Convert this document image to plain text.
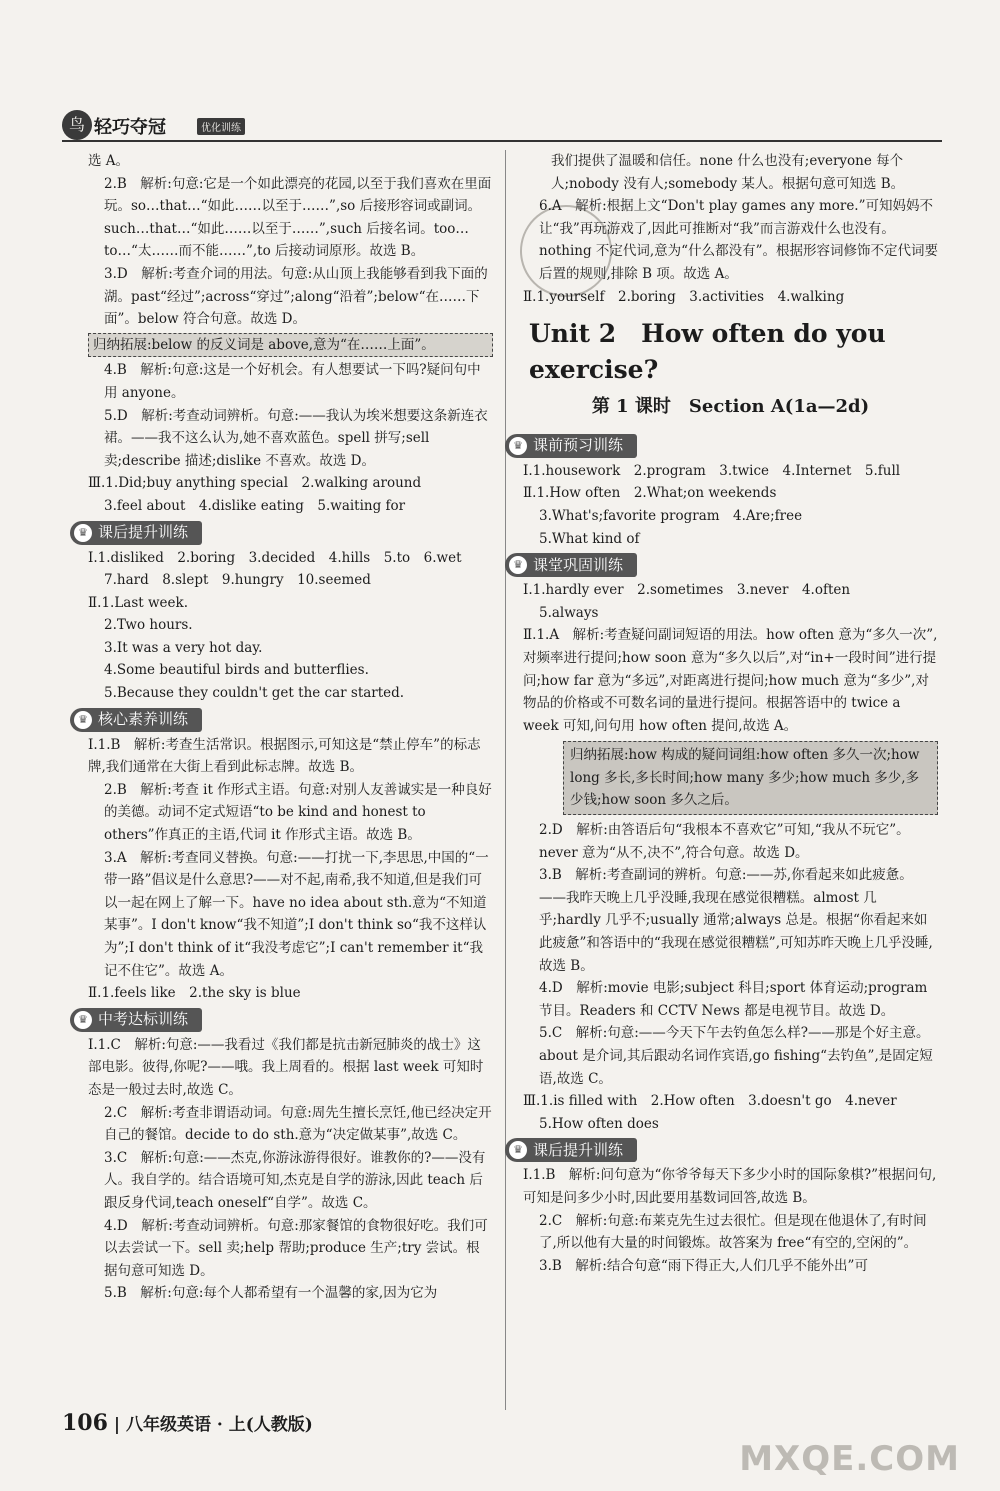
鸟 轻巧夺冠	优化训练

选 A。

2.B　解析:句意:它是一个如此漂亮的花园,以至于我们喜欢在里面玩。so…that…“如此……以至于……”,so 后接形容词或副词。such…that…“如此……以至于……”,such 后接名词。too…to…“太……而不能……”,to 后接动词原形。故选 B。

3.D　解析:考查介词的用法。句意:从山顶上我能够看到我下面的湖。past“经过”;across“穿过”;along“沿着”;below“在……下面”。below 符合句意。故选 D。

归纳拓展:below 的反义词是 above,意为“在……上面”。

4.B　解析:句意:这是一个好机会。有人想要试一下吗?疑问句中用 anyone。

5.D　解析:考查动词辨析。句意:——我认为埃米想要这条新连衣裙。——我不这么认为,她不喜欢蓝色。spell 拼写;sell 卖;describe 描述;dislike 不喜欢。故选 D。

Ⅲ.1.Did;buy anything special　2.walking around

3.feel about　4.dislike eating　5.waiting for

♛ 课后提升训练

Ⅰ.1.disliked　2.boring　3.decided　4.hills　5.to　6.wet

7.hard　8.slept　9.hungry　10.seemed

Ⅱ.1.Last week.

2.Two hours.

3.It was a very hot day.

4.Some beautiful birds and butterflies.

5.Because they couldn't get the car started.

♛ 核心素养训练

Ⅰ.1.B　解析:考查生活常识。根据图示,可知这是“禁止停车”的标志牌,我们通常在大街上看到此标志牌。故选 B。

2.B　解析:考查 it 作形式主语。句意:对别人友善诚实是一种良好的美德。动词不定式短语“to be kind and honest to others”作真正的主语,代词 it 作形式主语。故选 B。

3.A　解析:考查同义替换。句意:——打扰一下,李思思,中国的“一带一路”倡议是什么意思?——对不起,南希,我不知道,但是我们可以一起在网上了解一下。have no idea about sth.意为“不知道某事”。I don't know“我不知道”;I don't think so“我不这样认为”;I don't think of it“我没考虑它”;I can't remember it“我记不住它”。故选 A。

Ⅱ.1.feels like　2.the sky is blue

♛ 中考达标训练

Ⅰ.1.C　解析:句意:——我看过《我们都是抗击新冠肺炎的战士》这部电影。彼得,你呢?——哦。我上周看的。根据 last week 可知时态是一般过去时,故选 C。

2.C　解析:考查非谓语动词。句意:周先生擅长烹饪,他已经决定开自己的餐馆。decide to do sth.意为“决定做某事”,故选 C。

3.C　解析:句意:——杰克,你游泳游得很好。谁教你的?——没有人。我自学的。结合语境可知,杰克是自学的游泳,因此 teach 后跟反身代词,teach oneself“自学”。故选 C。

4.D　解析:考查动词辨析。句意:那家餐馆的食物很好吃。我们可以去尝试一下。sell 卖;help 帮助;produce 生产;try 尝试。根据句意可知选 D。

5.B　解析:句意:每个人都希望有一个温馨的家,因为它为

我们提供了温暖和信任。none 什么也没有;everyone 每个人;nobody 没有人;somebody 某人。根据句意可知选 B。

6.A　解析:根据上文“Don't play games any more.”可知妈妈不让“我”再玩游戏了,因此可推断对“我”而言游戏什么也没有。nothing 不定代词,意为“什么都没有”。根据形容词修饰不定代词要后置的规则,排除 B 项。故选 A。

Ⅱ.1.yourself　2.boring　3.activities　4.walking

Unit 2　How often do you exercise?
第 1 课时　Section A(1a—2d)
♛ 课前预习训练

Ⅰ.1.housework　2.program　3.twice　4.Internet　5.full

Ⅱ.1.How often　2.What;on weekends

3.What's;favorite program　4.Are;free

5.What kind of

♛ 课堂巩固训练

Ⅰ.1.hardly ever　2.sometimes　3.never　4.often

5.always

Ⅱ.1.A　解析:考查疑问副词短语的用法。how often 意为“多久一次”,对频率进行提问;how soon 意为“多久以后”,对“in+一段时间”进行提问;how far 意为“多远”,对距离进行提问;how much 意为“多少”,对物品的价格或不可数名词的量进行提问。根据答语中的 twice a week 可知,问句用 how often 提问,故选 A。

归纳拓展:how 构成的疑问词组:how often 多久一次;how long 多长,多长时间;how many 多少;how much 多少,多少钱;how soon 多久之后。

2.D　解析:由答语后句“我根本不喜欢它”可知,“我从不玩它”。never 意为“从不,决不”,符合句意。故选 D。

3.B　解析:考查副词的辨析。句意:——苏,你看起来如此疲惫。——我昨天晚上几乎没睡,我现在感觉很糟糕。almost 几乎;hardly 几乎不;usually 通常;always 总是。根据“你看起来如此疲惫”和答语中的“我现在感觉很糟糕”,可知苏昨天晚上几乎没睡,故选 B。

4.D　解析:movie 电影;subject 科目;sport 体育运动;program 节目。Readers 和 CCTV News 都是电视节目。故选 D。

5.C　解析:句意:——今天下午去钓鱼怎么样?——那是个好主意。about 是介词,其后跟动名词作宾语,go fishing“去钓鱼”,是固定短语,故选 C。

Ⅲ.1.is filled with　2.How often　3.doesn't go　4.never

5.How often does

♛ 课后提升训练

Ⅰ.1.B　解析:问句意为“你爷爷每天下多少小时的国际象棋?”根据问句,可知是问多少小时,因此要用基数词回答,故选 B。

2.C　解析:句意:布莱克先生过去很忙。但是现在他退休了,有时间了,所以他有大量的时间锻炼。故答案为 free“有空的,空闲的”。

3.B　解析:结合句意“雨下得正大,人们几乎不能外出”可

106 | 八年级英语 · 上(人教版)
MXQE.COM
